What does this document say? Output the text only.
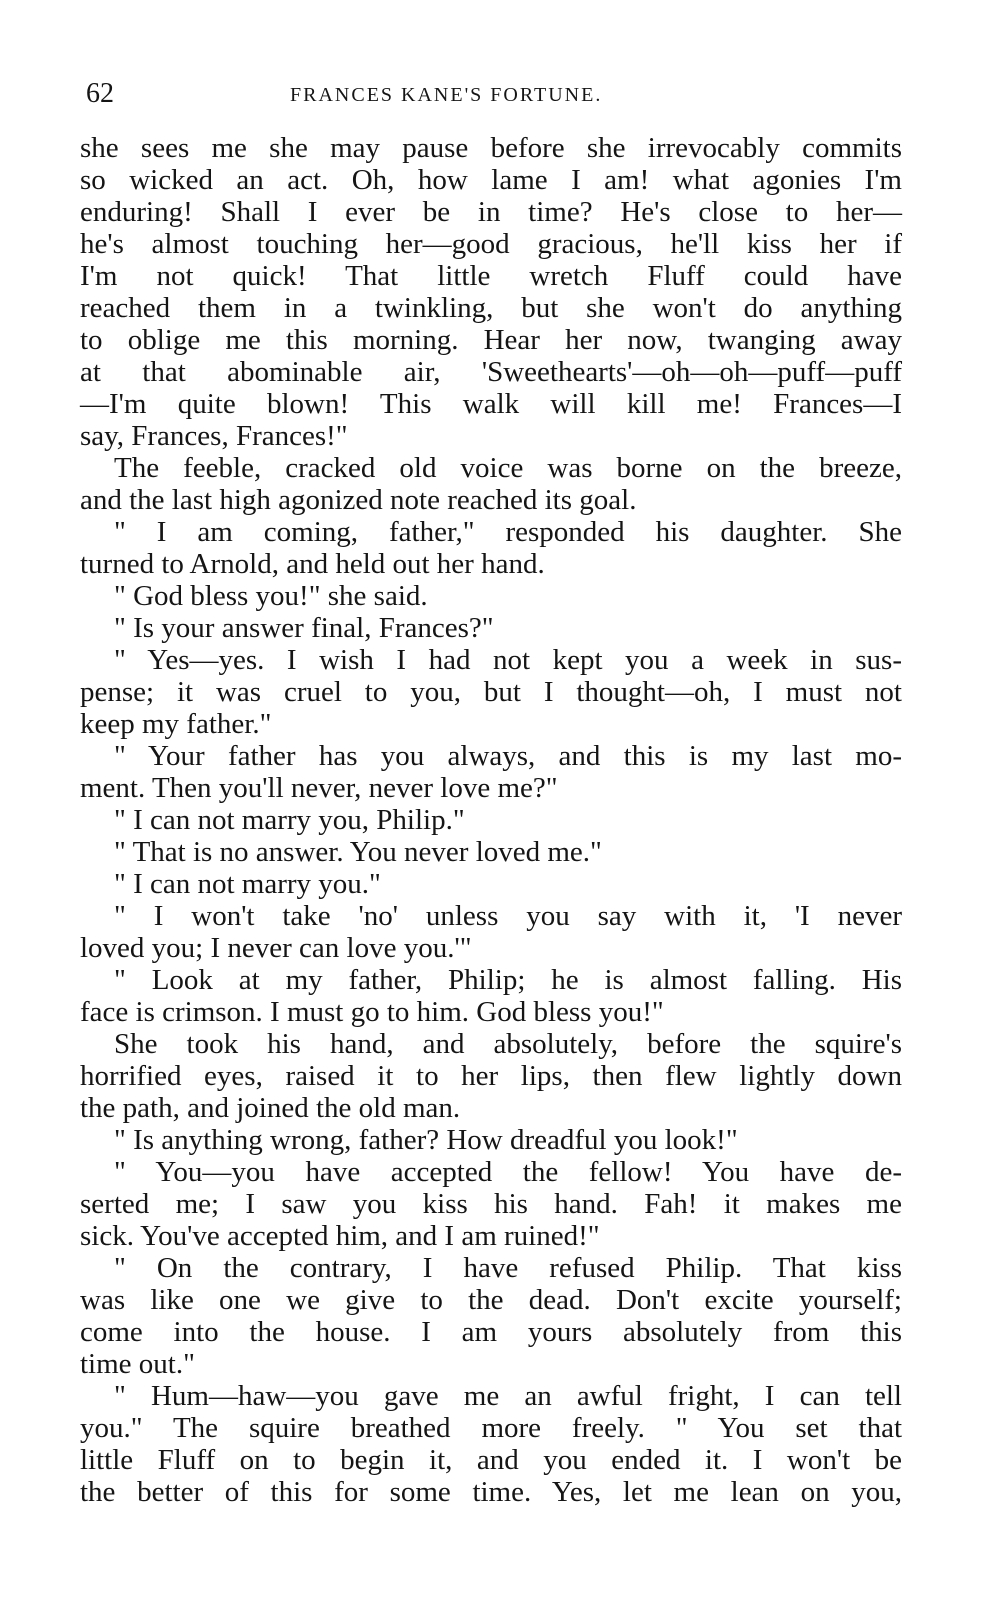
62	FRANCES KANE'S FORTUNE.
she sees me she may pause before she irrevocably commits
so wicked an act. Oh, how lame I am! what agonies I'm
enduring! Shall I ever be in time? He's close to her—
he's almost touching her—good gracious, he'll kiss her if
I'm not quick! That little wretch Fluff could have
reached them in a twinkling, but she won't do anything
to oblige me this morning. Hear her now, twanging away
at that abominable air, 'Sweethearts'—oh—oh—puff—puff
—I'm quite blown! This walk will kill me! Frances—I
say, Frances, Frances!"
The feeble, cracked old voice was borne on the breeze,
and the last high agonized note reached its goal.
" I am coming, father," responded his daughter. She
turned to Arnold, and held out her hand.
" God bless you!" she said.
" Is your answer final, Frances?"
" Yes—yes. I wish I had not kept you a week in sus-
pense; it was cruel to you, but I thought—oh, I must not
keep my father."
" Your father has you always, and this is my last mo-
ment. Then you'll never, never love me?"
" I can not marry you, Philip."
" That is no answer. You never loved me."
" I can not marry you."
" I won't take 'no' unless you say with it, 'I never
loved you; I never can love you.'"
" Look at my father, Philip; he is almost falling. His
face is crimson. I must go to him. God bless you!"
She took his hand, and absolutely, before the squire's
horrified eyes, raised it to her lips, then flew lightly down
the path, and joined the old man.
" Is anything wrong, father? How dreadful you look!"
" You—you have accepted the fellow! You have de-
serted me; I saw you kiss his hand. Fah! it makes me
sick. You've accepted him, and I am ruined!"
" On the contrary, I have refused Philip. That kiss
was like one we give to the dead. Don't excite yourself;
come into the house. I am yours absolutely from this
time out."
" Hum—haw—you gave me an awful fright, I can tell
you." The squire breathed more freely. " You set that
little Fluff on to begin it, and you ended it. I won't be
the better of this for some time. Yes, let me lean on you,
